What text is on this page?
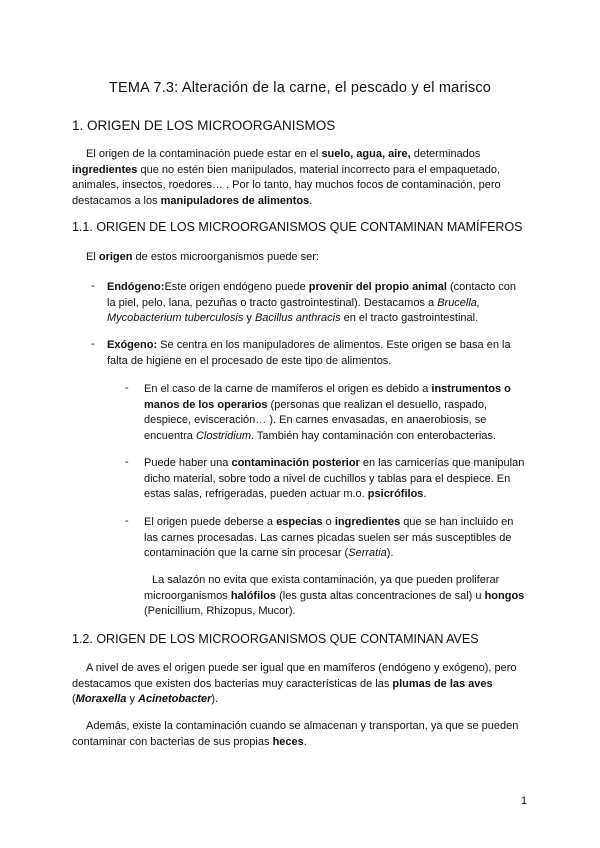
TEMA 7.3: Alteración de la carne, el pescado y el marisco
1. ORIGEN DE LOS MICROORGANISMOS
El origen de la contaminación puede estar en el suelo, agua, aire, determinados
ingredientes que no estén bien manipulados, material incorrecto para el empaquetado,
animales, insectos, roedores… . Por lo tanto, hay muchos focos de contaminación, pero
destacamos a los manipuladores de alimentos.
1.1. ORIGEN DE LOS MICROORGANISMOS QUE CONTAMINAN MAMÍFEROS
El origen de estos microorganismos puede ser:
- Endógeno:Este origen endógeno puede provenir del propio animal (contacto con
la piel, pelo, lana, pezuñas o tracto gastrointestinal). Destacamos a Brucella,
Mycobacterium tuberculosis y Bacillus anthracis en el tracto gastrointestinal.
- Exógeno: Se centra en los manipuladores de alimentos. Este origen se basa en la
falta de higiene en el procesado de este tipo de alimentos.
- En el caso de la carne de mamíferos el origen es debido a instrumentos o
manos de los operarios (personas que realizan el desuello, raspado,
despiece, evisceración… ). En carnes envasadas, en anaerobiosis, se
encuentra Clostridium. También hay contaminación con enterobacterias.
- Puede haber una contaminación posterior en las carnicerías que manipulan
dicho material, sobre todo a nivel de cuchillos y tablas para el despiece. En
estas salas, refrigeradas, pueden actuar m.o. psicrófilos.
- El origen puede deberse a especias o ingredientes que se han incluido en
las carnes procesadas. Las carnes picadas suelen ser más susceptibles de
contaminación que la carne sin procesar (Serratia).
La salazón no evita que exista contaminación, ya que pueden proliferar
microorganismos halófilos (les gusta altas concentraciones de sal) u hongos
(Penicillium, Rhizopus, Mucor).
1.2. ORIGEN DE LOS MICROORGANISMOS QUE CONTAMINAN AVES
A nivel de aves el origen puede ser igual que en mamíferos (endógeno y exógeno), pero
destacamos que existen dos bacterias muy características de las plumas de las aves
(Moraxella y Acinetobacter).
Además, existe la contaminación cuando se almacenan y transportan, ya que se pueden
contaminar con bacterias de sus propias heces.
1
